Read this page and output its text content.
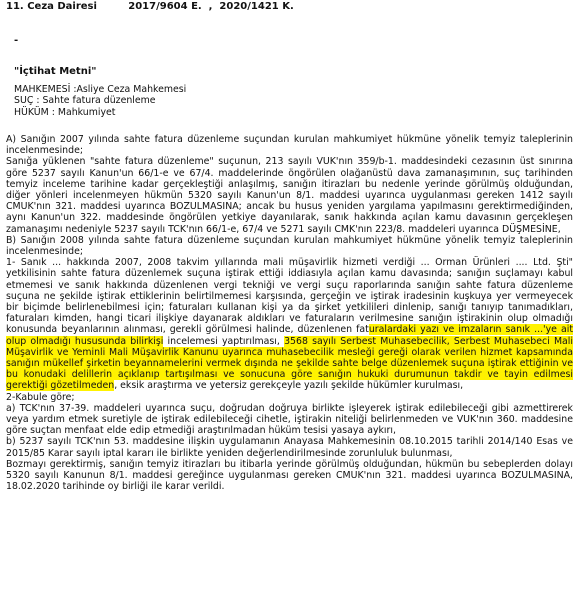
11. Ceza Dairesi         2017/9604 E.  ,  2020/1421 K.
-
"İçtihat Metni"
MAHKEMESİ :Asliye Ceza Mahkemesi
SUÇ : Sahte fatura düzenleme
HÜKÜM : Mahkumiyet

A) Sanığın 2007 yılında sahte fatura düzenleme suçundan kurulan mahkumiyet hükmüne yönelik temyiz taleplerinin incelenmesinde;

Sanığa yüklenen "sahte fatura düzenleme" suçunun, 213 sayılı VUK'nın 359/b-1. maddesindeki cezasının üst sınırına göre 5237 sayılı Kanun'un 66/1-e ve 67/4. maddelerinde öngörülen olağanüstü dava zamanaşımının, suç tarihinden temyiz inceleme tarihine kadar gerçekleştiği anlaşılmış, sanığın itirazları bu nedenle yerinde görülmüş olduğundan, diğer yönleri incelenmeyen hükmün 5320 sayılı Kanun'un 8/1. maddesi uyarınca uygulanması gereken 1412 sayılı CMUK'nın 321. maddesi uyarınca BOZULMASINA; ancak bu husus yeniden yargılama yapılmasını gerektirmediğinden, aynı Kanun'un 322. maddesinde öngörülen yetkiye dayanılarak, sanık hakkında açılan kamu davasının gerçekleşen zamanaşımı nedeniyle 5237 sayılı TCK'nın 66/1-e, 67/4 ve 5271 sayılı CMK'nın 223/8. maddeleri uyarınca DÜŞMESİNE,

B) Sanığın 2008 yılında sahte fatura düzenleme suçundan kurulan mahkumiyet hükmüne yönelik temyiz taleplerinin incelenmesinde;

1- Sanık ... hakkında 2007, 2008 takvim yıllarında mali müşavirlik hizmeti verdiği ... Orman Ürünleri .... Ltd. Şti" yetkilisinin sahte fatura düzenlemek suçuna iştirak ettiği iddiasıyla açılan kamu davasında; sanığın suçlamayı kabul etmemesi ve sanık hakkında düzenlenen vergi tekniği ve vergi suçu raporlarında sanığın sahte fatura düzenleme suçuna ne şekilde iştirak ettiklerinin belirtilmemesi karşısında, gerçeğin ve iştirak iradesinin kuşkuya yer vermeyecek bir biçimde belirlenebilmesi için; faturaları kullanan kişi ya da şirket yetkilileri dinlenip, sanığı tanıyıp tanımadıkları, faturaları kimden, hangi ticari ilişkiye dayanarak aldıkları ve faturaların verilmesine sanığın iştirakinin olup olmadığı konusunda beyanlarının alınması, gerekli görülmesi halinde, düzenlenen faturalardaki yazı ve imzaların sanık ...'ye ait olup olmadığı hususunda bilirkişi incelemesi yaptırılması, 3568 sayılı Serbest Muhasebecilik, Serbest Muhasebeci Mali Müşavirlik ve Yeminli Mali Müşavirlik Kanunu uyarınca muhasebecilik mesleği gereği olarak verilen hizmet kapsamında sanığın mükellef şirketin beyannamelerini vermek dışında ne şekilde sahte belge düzenlemek suçuna iştirak ettiğinin ve bu konudaki delillerin açıklanıp tartışılması ve sonucuna göre sanığın hukuki durumunun takdir ve tayin edilmesi gerektiği gözetilmeden, eksik araştırma ve yetersiz gerekçeyle yazılı şekilde hükümler kurulması,

2-Kabule göre;

a) TCK'nın 37-39. maddeleri uyarınca suçu, doğrudan doğruya birlikte işleyerek iştirak edilebileceği gibi azmettirerek veya yardım etmek suretiyle de iştirak edilebileceği cihetle, iştirakin niteliği belirlenmeden ve VUK'nın 360. maddesine göre suçtan menfaat elde edip etmediği araştırılmadan hüküm tesisi yasaya aykırı,

b) 5237 sayılı TCK'nın 53. maddesine ilişkin uygulamanın Anayasa Mahkemesinin 08.10.2015 tarihli 2014/140 Esas ve 2015/85 Karar sayılı iptal kararı ile birlikte yeniden değerlendirilmesinde zorunluluk bulunması,

Bozmayı gerektirmiş, sanığın temyiz itirazları bu itibarla yerinde görülmüş olduğundan, hükmün bu sebeplerden dolayı 5320 sayılı Kanunun 8/1. maddesi gereğince uygulanması gereken CMUK'nın 321. maddesi uyarınca BOZULMASINA, 18.02.2020 tarihinde oy birliği ile karar verildi.
